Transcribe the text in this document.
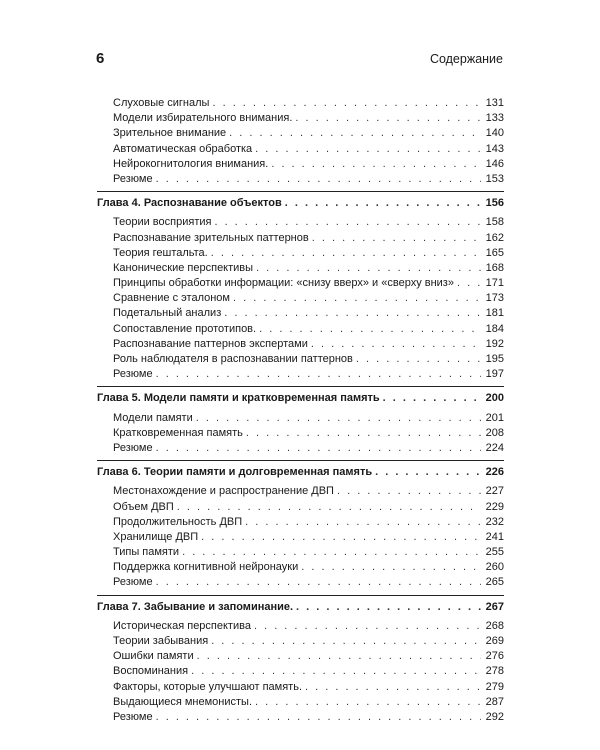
6	Содержание
Слуховые сигналы . . .	131
Модели избирательного внимания. . . .	133
Зрительное внимание . . .	140
Автоматическая обработка . . .	143
Нейрокогнитология внимания. . . .	146
Резюме . . .	153
Глава 4. Распознавание объектов . . .	156
Теории восприятия . . .	158
Распознавание зрительных паттернов . . .	162
Теория гештальта. . . .	165
Канонические перспективы . . .	168
Принципы обработки информации: «снизу вверх» и «сверху вниз» . . .	171
Сравнение с эталоном . . .	173
Подетальный анализ . . .	181
Сопоставление прототипов. . . .	184
Распознавание паттернов экспертами . . .	192
Роль наблюдателя в распознавании паттернов . . .	195
Резюме . . .	197
Глава 5. Модели памяти и кратковременная память . . .	200
Модели памяти . . .	201
Кратковременная память . . .	208
Резюме . . .	224
Глава 6. Теории памяти и долговременная память . . .	226
Местонахождение и распространение ДВП . . .	227
Объем ДВП . . .	229
Продолжительность ДВП . . .	232
Хранилище ДВП . . .	241
Типы памяти . . .	255
Поддержка когнитивной нейронауки . . .	260
Резюме . . .	265
Глава 7. Забывание и запоминание. . . .	267
Историческая перспектива . . .	268
Теории забывания . . .	269
Ошибки памяти . . .	276
Воспоминания . . .	278
Факторы, которые улучшают память. . . .	279
Выдающиеся мнемонисты. . . .	287
Резюме . . .	292
